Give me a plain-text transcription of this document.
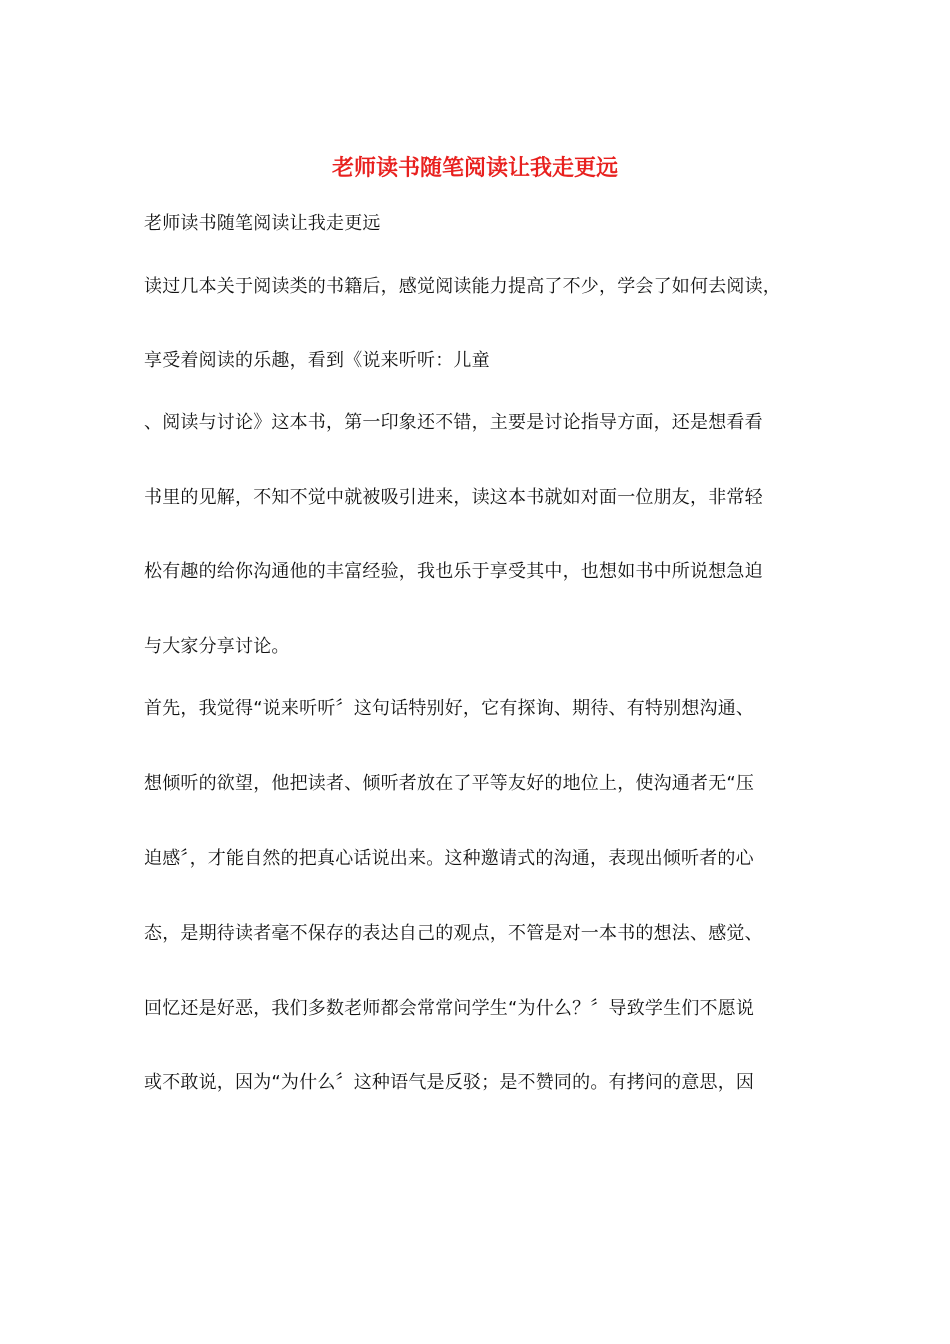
老师读书随笔阅读让我走更远
老师读书随笔阅读让我走更远
读过几本关于阅读类的书籍后，感觉阅读能力提高了不少，学会了如何去阅读，
享受着阅读的乐趣，看到《说来听听：儿童
、阅读与讨论》这本书，第一印象还不错，主要是讨论指导方面，还是想看看
书里的见解，不知不觉中就被吸引进来，读这本书就如对面一位朋友，非常轻
松有趣的给你沟通他的丰富经验，我也乐于享受其中，也想如书中所说想急迫
与大家分享讨论。
首先，我觉得“说来听听〞这句话特别好，它有探询、期待、有特别想沟通、
想倾听的欲望，他把读者、倾听者放在了平等友好的地位上，使沟通者无“压
迫感〞，才能自然的把真心话说出来。这种邀请式的沟通，表现出倾听者的心
态，是期待读者毫不保存的表达自己的观点，不管是对一本书的想法、感觉、
回忆还是好恶，我们多数老师都会常常问学生“为什么？〞导致学生们不愿说
或不敢说，因为“为什么〞这种语气是反驳；是不赞同的。有拷问的意思，因
